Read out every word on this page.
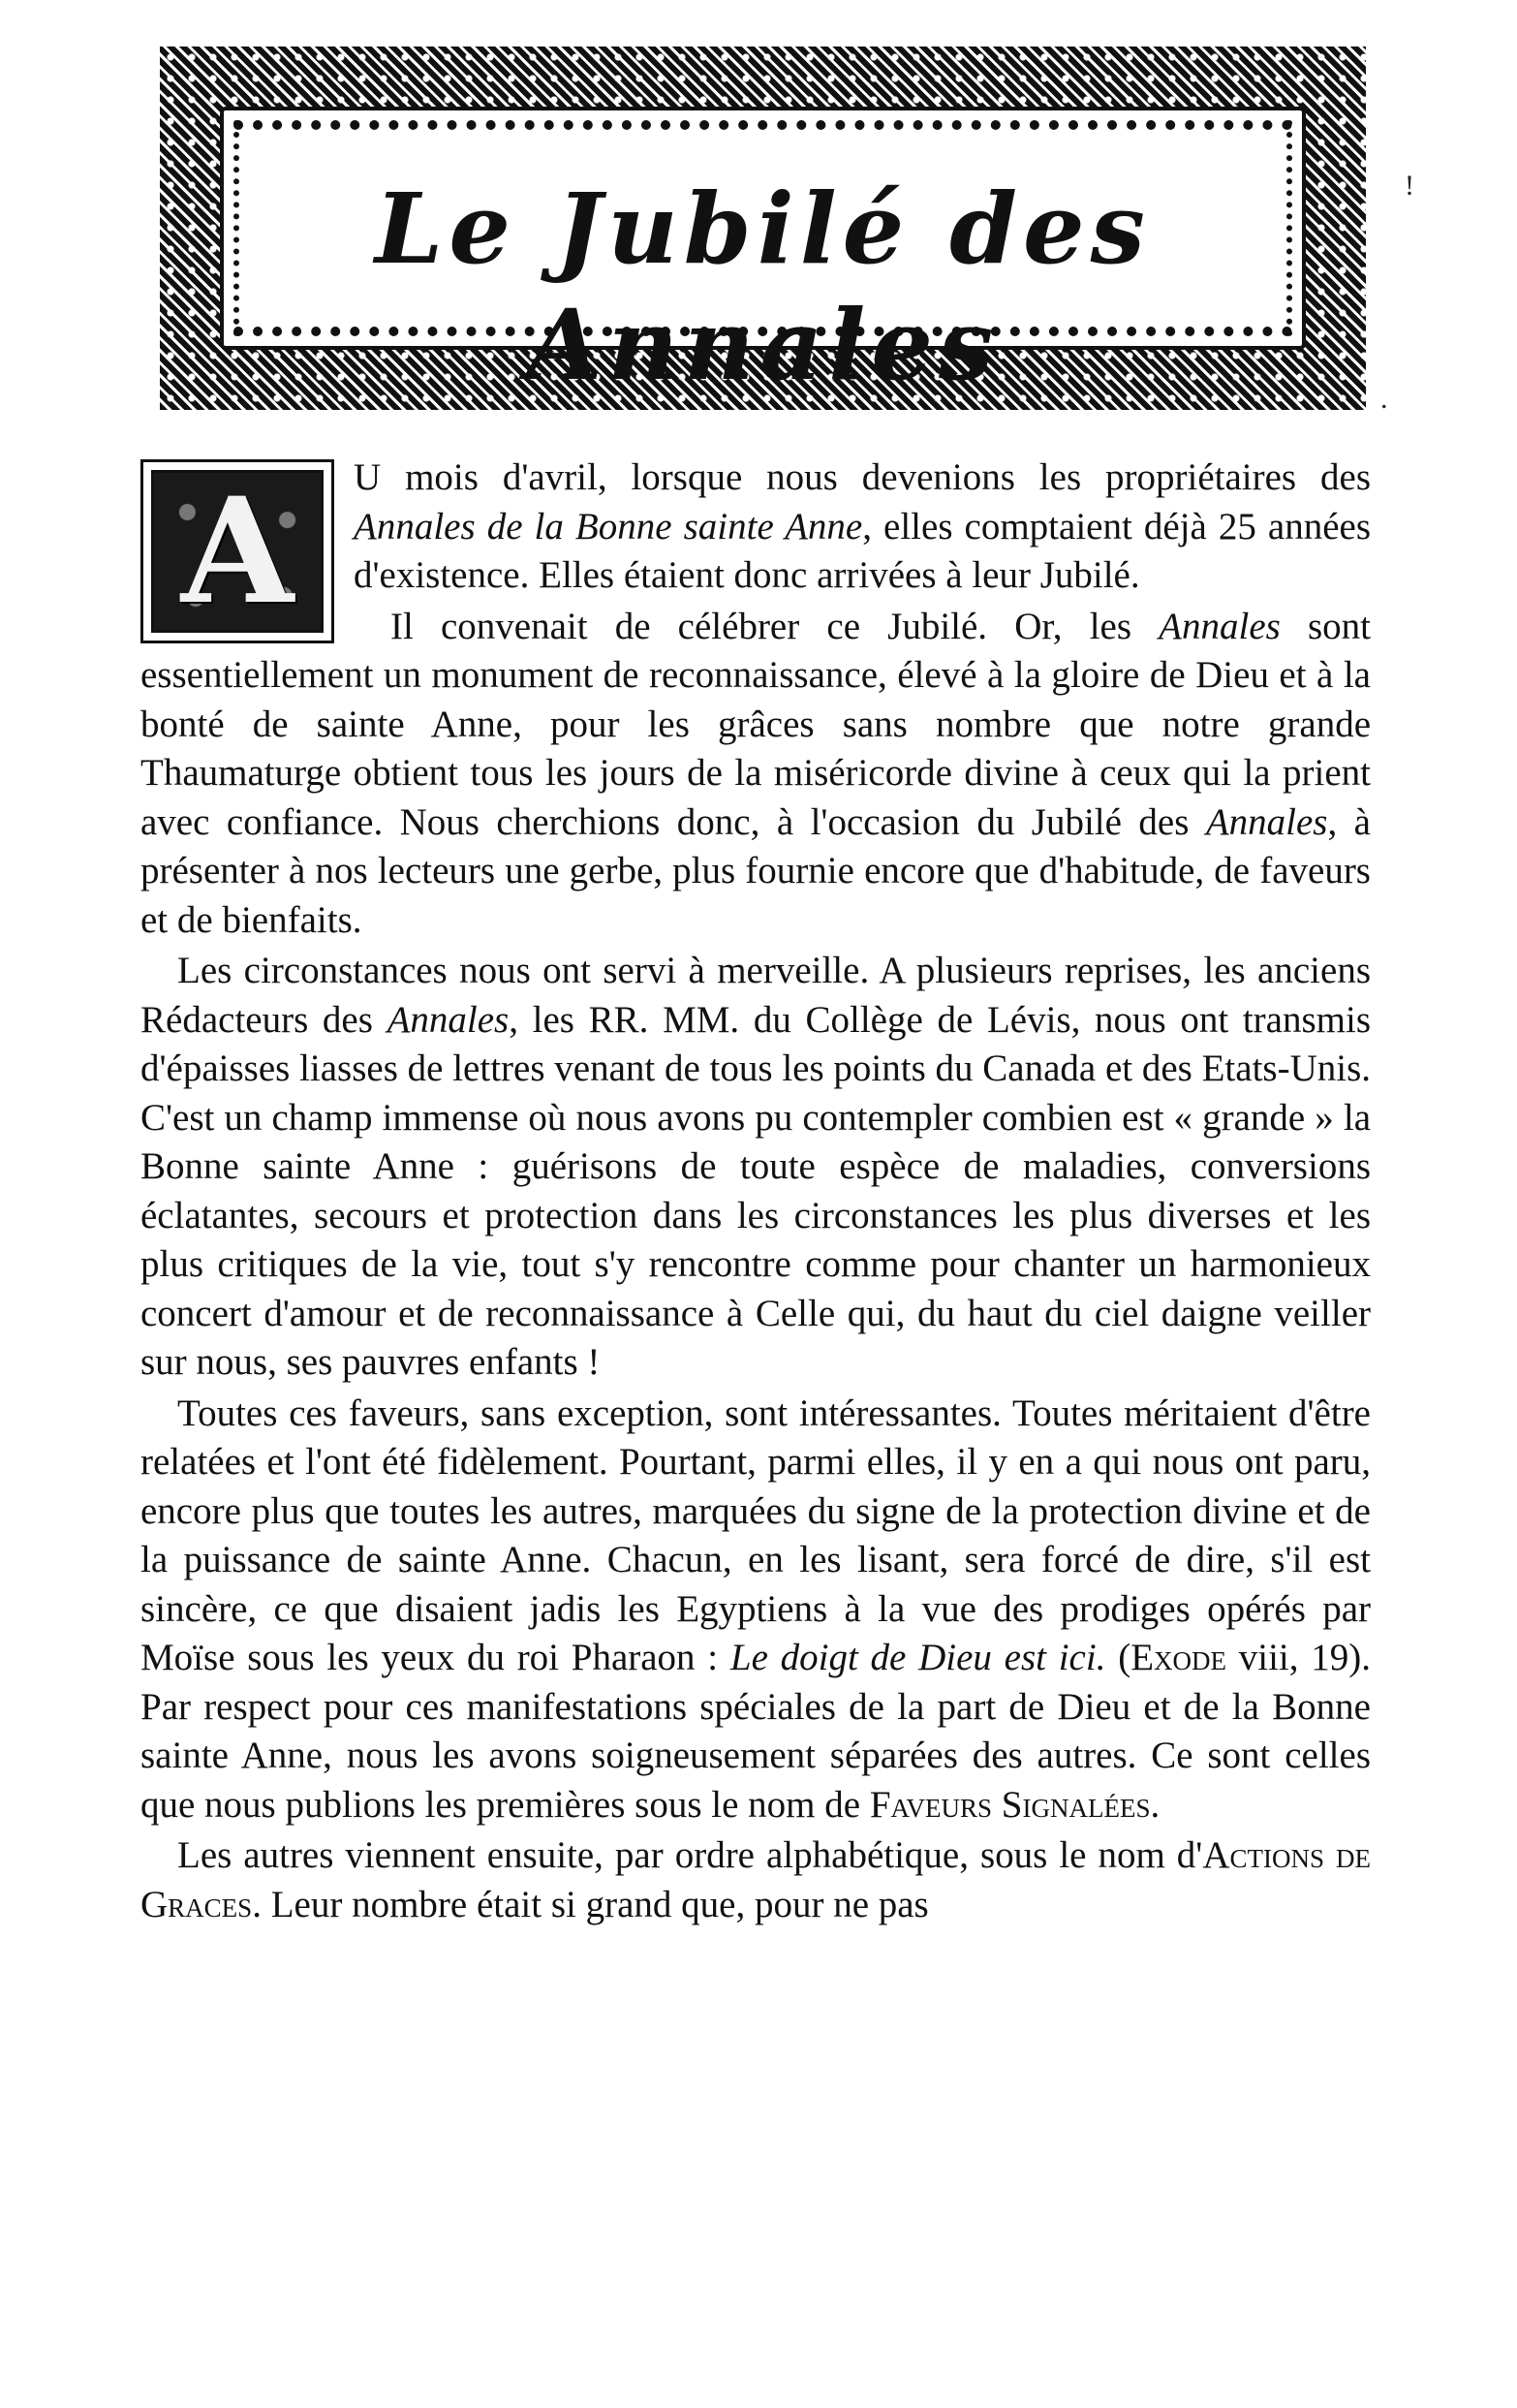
Le Jubilé des Annales
!
.

A U mois d'avril, lorsque nous devenions les propriétaires des Annales de la Bonne sainte Anne, elles comptaient déjà 25 années d'existence. Elles étaient donc arrivées à leur Jubilé.

Il convenait de célébrer ce Jubilé. Or, les Annales sont essentiellement un monument de reconnaissance, élevé à la gloire de Dieu et à la bonté de sainte Anne, pour les grâces sans nombre que notre grande Thaumaturge obtient tous les jours de la miséricorde divine à ceux qui la prient avec confiance. Nous cherchions donc, à l'occasion du Jubilé des Annales, à présenter à nos lecteurs une gerbe, plus fournie encore que d'habitude, de faveurs et de bienfaits.

Les circonstances nous ont servi à merveille. A plusieurs reprises, les anciens Rédacteurs des Annales, les RR. MM. du Collège de Lévis, nous ont transmis d'épaisses liasses de lettres venant de tous les points du Canada et des Etats-Unis. C'est un champ immense où nous avons pu contempler combien est « grande » la Bonne sainte Anne : guérisons de toute espèce de maladies, conversions éclatantes, secours et protection dans les circonstances les plus diverses et les plus critiques de la vie, tout s'y rencontre comme pour chanter un harmonieux concert d'amour et de reconnaissance à Celle qui, du haut du ciel daigne veiller sur nous, ses pauvres enfants !

Toutes ces faveurs, sans exception, sont intéressantes. Toutes méritaient d'être relatées et l'ont été fidèlement. Pourtant, parmi elles, il y en a qui nous ont paru, encore plus que toutes les autres, marquées du signe de la protection divine et de la puissance de sainte Anne. Chacun, en les lisant, sera forcé de dire, s'il est sincère, ce que disaient jadis les Egyptiens à la vue des prodiges opérés par Moïse sous les yeux du roi Pharaon : Le doigt de Dieu est ici. (Exode viii, 19). Par respect pour ces manifestations spéciales de la part de Dieu et de la Bonne sainte Anne, nous les avons soigneusement séparées des autres. Ce sont celles que nous publions les premières sous le nom de Faveurs Signalées.

Les autres viennent ensuite, par ordre alphabétique, sous le nom d'Actions de Graces. Leur nombre était si grand que, pour ne pas
